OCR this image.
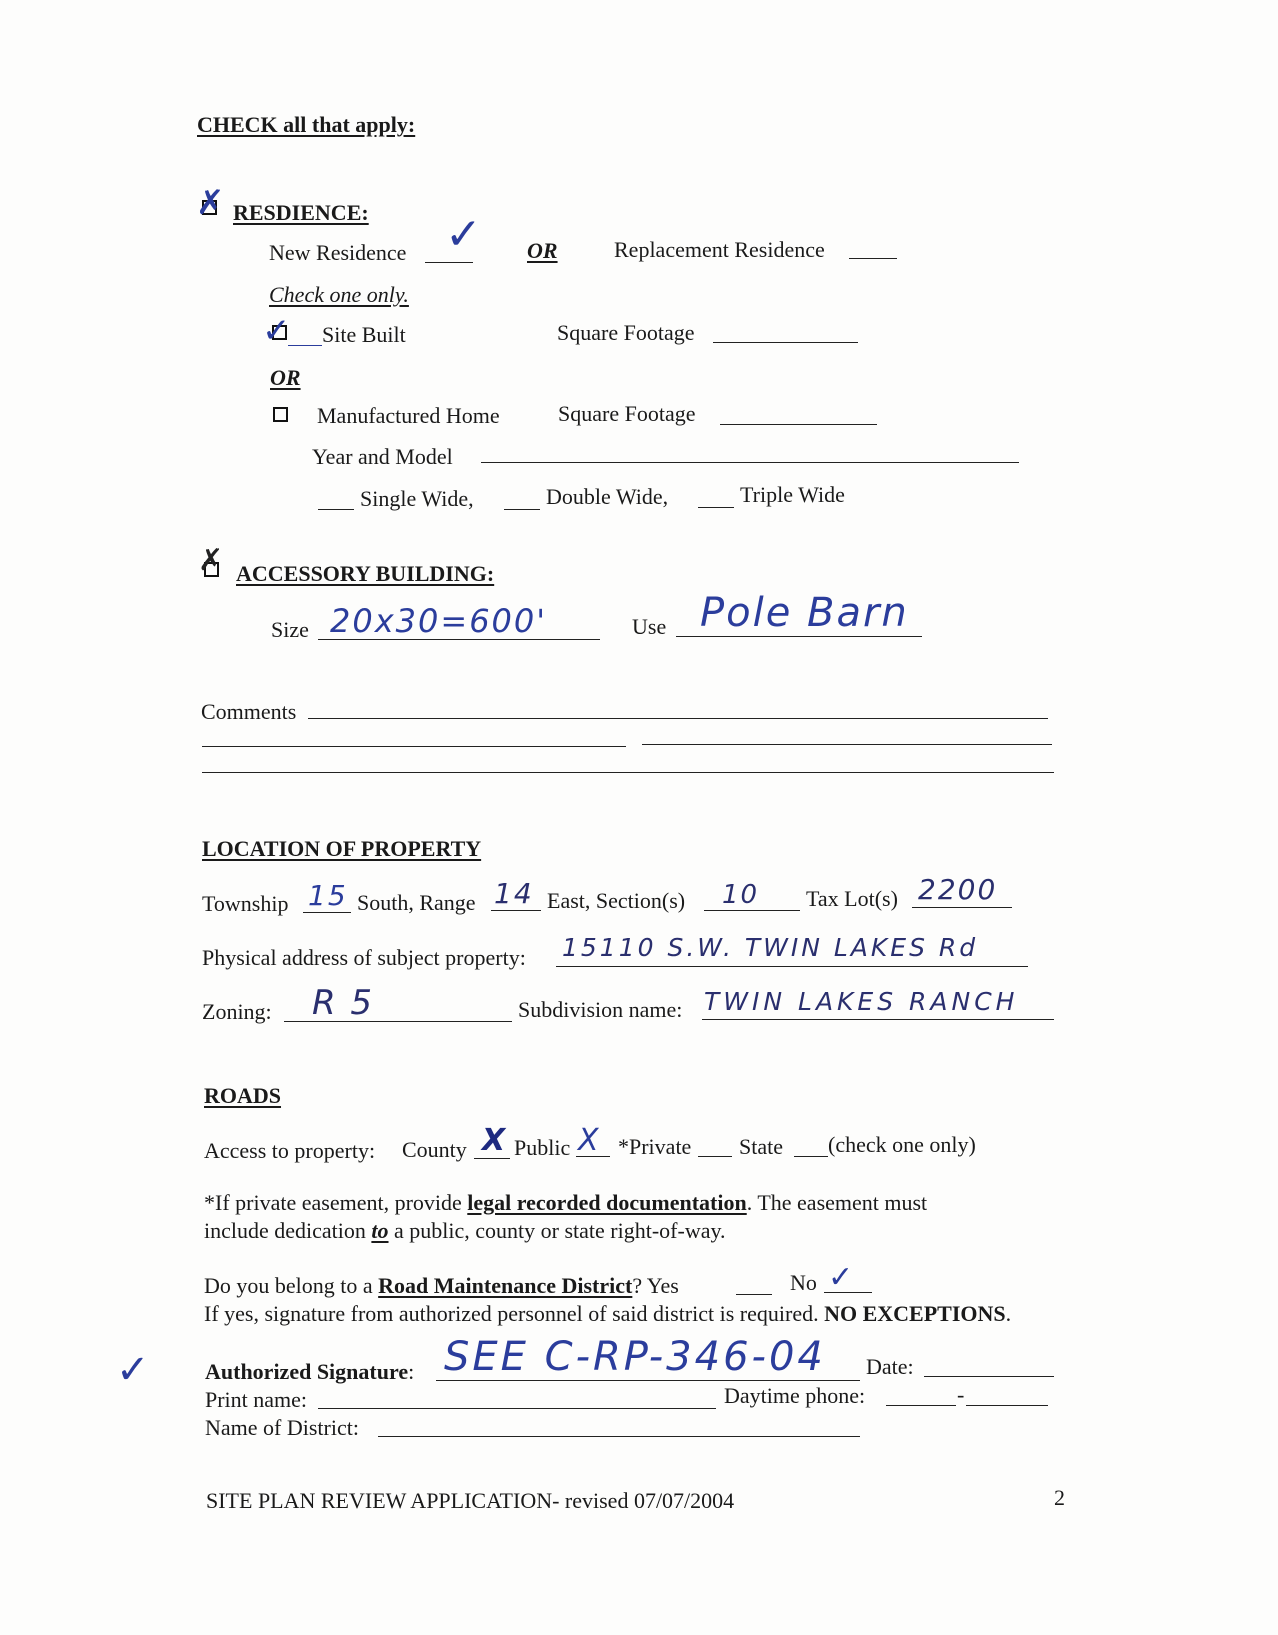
CHECK all that apply:
✗ RESDIENCE:
New Residence ✓ OR	Replacement Residence
Check one only.
✓ Site Built	Square Footage
OR
Manufactured Home	Square Footage
Year and Model
Single Wide,	Double Wide,	Triple Wide
✗ ACCESSORY BUILDING:
Size 20x30=600'	Use Pole Barn
Comments
LOCATION OF PROPERTY
Township 15 South, Range 14 East, Section(s) 10 Tax Lot(s) 2200
Physical address of subject property: 15110 S.W. TWIN LAKES Rd
Zoning: R 5	Subdivision name: TWIN LAKES RANCH
ROADS
Access to property: County X Public X *Private State (check one only)
*If private easement, provide legal recorded documentation. The easement must
include dedication to a public, county or state right-of-way.
Do you belong to a Road Maintenance District? Yes	No ✓
If yes, signature from authorized personnel of said district is required. NO EXCEPTIONS.
✓	Authorized Signature: SEE C-RP-346-04 Date:
Print name:	Daytime phone:	-
Name of District:
SITE PLAN REVIEW APPLICATION- revised 07/07/2004	2
